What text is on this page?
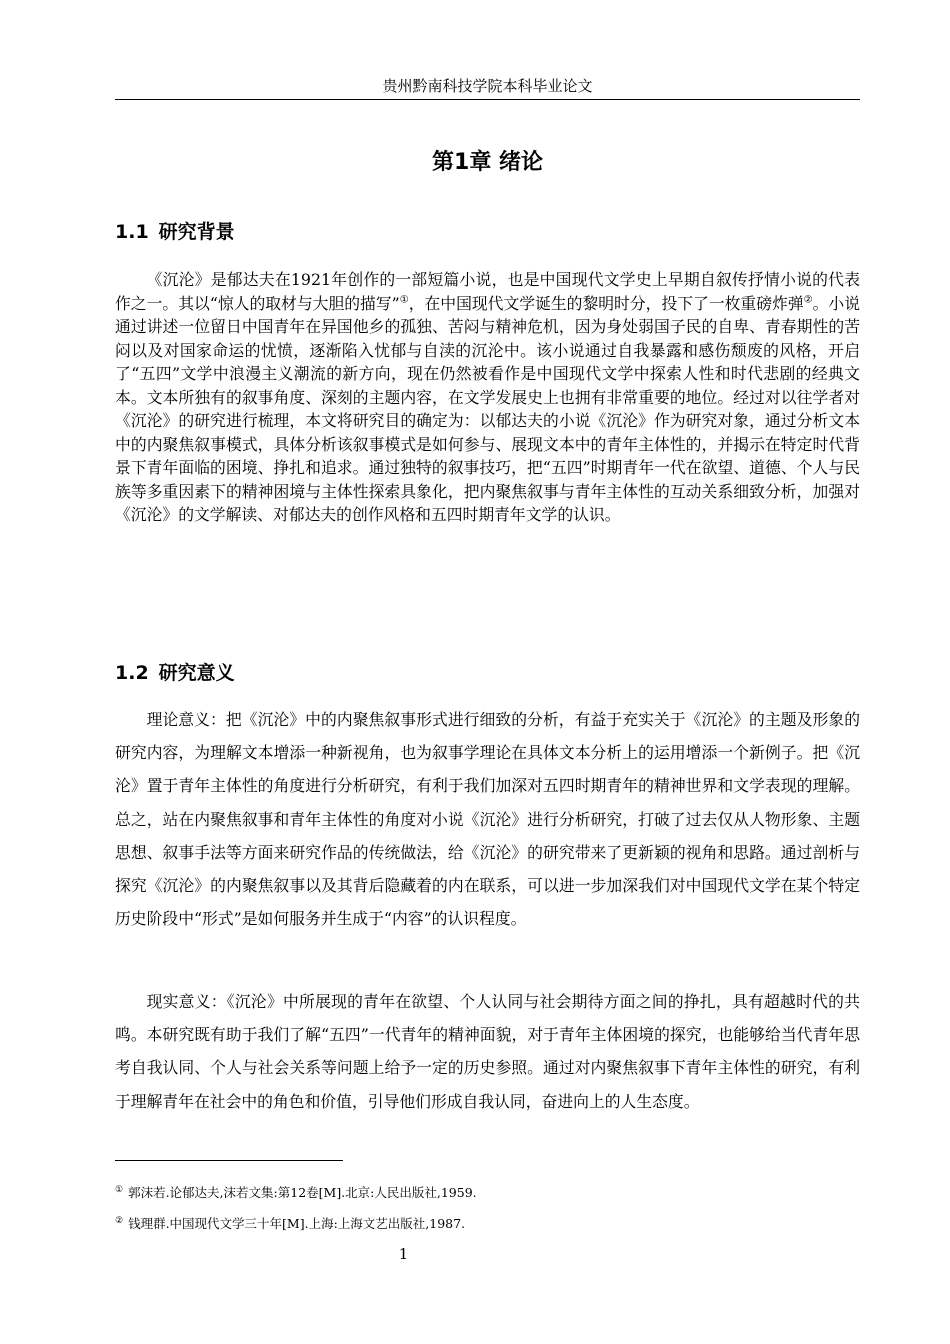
贵州黔南科技学院本科毕业论文
第1章 绪论
1.1 研究背景

《沉沦》是郁达夫在1921年创作的一部短篇小说，也是中国现代文学史上早期自叙传抒情小说的代表作之一。其以“惊人的取材与大胆的描写”①，在中国现代文学诞生的黎明时分，投下了一枚重磅炸弹②。小说通过讲述一位留日中国青年在异国他乡的孤独、苦闷与精神危机，因为身处弱国子民的自卑、青春期性的苦闷以及对国家命运的忧愤，逐渐陷入忧郁与自渎的沉沦中。该小说通过自我暴露和感伤颓废的风格，开启了“五四”文学中浪漫主义潮流的新方向，现在仍然被看作是中国现代文学中探索人性和时代悲剧的经典文本。文本所独有的叙事角度、深刻的主题内容，在文学发展史上也拥有非常重要的地位。经过对以往学者对《沉沦》的研究进行梳理，本文将研究目的确定为：以郁达夫的小说《沉沦》作为研究对象，通过分析文本中的内聚焦叙事模式，具体分析该叙事模式是如何参与、展现文本中的青年主体性的，并揭示在特定时代背景下青年面临的困境、挣扎和追求。通过独特的叙事技巧，把“五四”时期青年一代在欲望、道德、个人与民族等多重因素下的精神困境与主体性探索具象化，把内聚焦叙事与青年主体性的互动关系细致分析，加强对《沉沦》的文学解读、对郁达夫的创作风格和五四时期青年文学的认识。

1.2 研究意义

理论意义：把《沉沦》中的内聚焦叙事形式进行细致的分析，有益于充实关于《沉沦》的主题及形象的研究内容，为理解文本增添一种新视角，也为叙事学理论在具体文本分析上的运用增添一个新例子。把《沉沦》置于青年主体性的角度进行分析研究，有利于我们加深对五四时期青年的精神世界和文学表现的理解。总之，站在内聚焦叙事和青年主体性的角度对小说《沉沦》进行分析研究，打破了过去仅从人物形象、主题思想、叙事手法等方面来研究作品的传统做法，给《沉沦》的研究带来了更新颖的视角和思路。通过剖析与探究《沉沦》的内聚焦叙事以及其背后隐藏着的内在联系，可以进一步加深我们对中国现代文学在某个特定历史阶段中“形式”是如何服务并生成于“内容”的认识程度。

现实意义：《沉沦》中所展现的青年在欲望、个人认同与社会期待方面之间的挣扎，具有超越时代的共鸣。本研究既有助于我们了解“五四”一代青年的精神面貌，对于青年主体困境的探究，也能够给当代青年思考自我认同、个人与社会关系等问题上给予一定的历史参照。通过对内聚焦叙事下青年主体性的研究，有利于理解青年在社会中的角色和价值，引导他们形成自我认同，奋进向上的人生态度。

① 郭沫若.论郁达夫,沫若文集:第12卷[M].北京:人民出版社,1959.
② 钱理群.中国现代文学三十年[M].上海:上海文艺出版社,1987.
1
